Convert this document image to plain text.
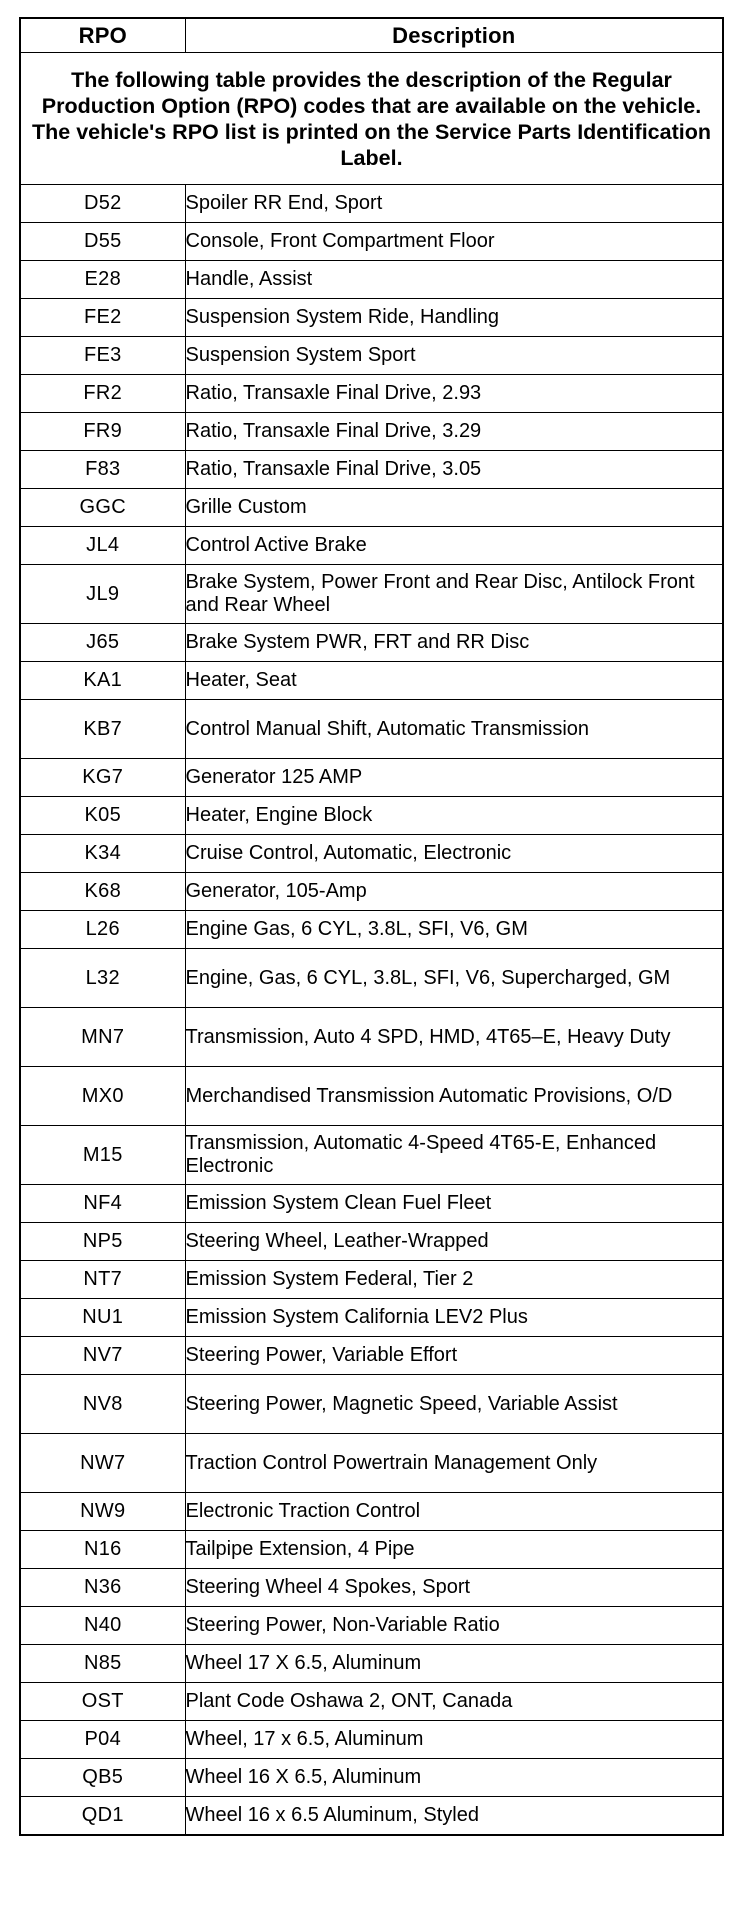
RPO	Description
The following table provides the description of the Regular Production Option (RPO) codes that are available on the vehicle. The vehicle's RPO list is printed on the Service Parts Identification Label.	
D52	Spoiler RR End, Sport
D55	Console, Front Compartment Floor
E28	Handle, Assist
FE2	Suspension System Ride, Handling
FE3	Suspension System Sport
FR2	Ratio, Transaxle Final Drive, 2.93
FR9	Ratio, Transaxle Final Drive, 3.29
F83	Ratio, Transaxle Final Drive, 3.05
GGC	Grille Custom
JL4	Control Active Brake
JL9	Brake System, Power Front and Rear Disc, Antilock Front and Rear Wheel
J65	Brake System PWR, FRT and RR Disc
KA1	Heater, Seat
KB7	Control Manual Shift, Automatic Transmission
KG7	Generator 125 AMP
K05	Heater, Engine Block
K34	Cruise Control, Automatic, Electronic
K68	Generator, 105-Amp
L26	Engine Gas, 6 CYL, 3.8L, SFI, V6, GM
L32	Engine, Gas, 6 CYL, 3.8L, SFI, V6, Supercharged, GM
MN7	Transmission, Auto 4 SPD, HMD, 4T65–E, Heavy Duty
MX0	Merchandised Transmission Automatic Provisions, O/D
M15	Transmission, Automatic 4-Speed 4T65-E, Enhanced Electronic
NF4	Emission System Clean Fuel Fleet
NP5	Steering Wheel, Leather-Wrapped
NT7	Emission System Federal, Tier 2
NU1	Emission System California LEV2 Plus
NV7	Steering Power, Variable Effort
NV8	Steering Power, Magnetic Speed, Variable Assist
NW7	Traction Control Powertrain Management Only
NW9	Electronic Traction Control
N16	Tailpipe Extension, 4 Pipe
N36	Steering Wheel 4 Spokes, Sport
N40	Steering Power, Non-Variable Ratio
N85	Wheel 17 X 6.5, Aluminum
OST	Plant Code Oshawa 2, ONT, Canada
P04	Wheel, 17 x 6.5, Aluminum
QB5	Wheel 16 X 6.5, Aluminum
QD1	Wheel 16 x 6.5 Aluminum, Styled
